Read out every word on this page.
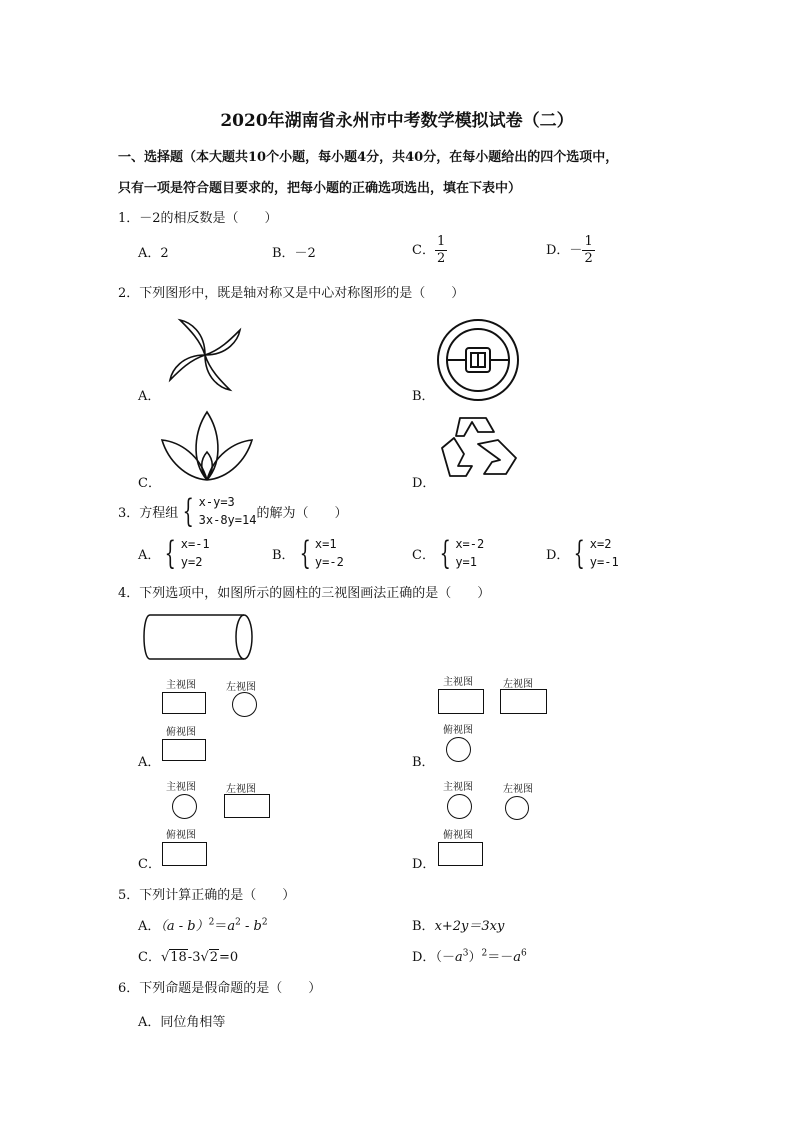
2020年湖南省永州市中考数学模拟试卷（二）
一、选择题（本大题共10个小题，每小题4分，共40分，在每小题给出的四个选项中，
只有一项是符合题目要求的，把每小题的正确选项选出，填在下表中）
1．－2的相反数是（　　）
A．2	B．－2	C． $\frac{1}{2}$	D．－ $\frac{1}{2}$
2．下列图形中，既是轴对称又是中心对称图形的是（　　）
A．	B．
C．	D．
3．方程组 { x-y=3
3x-8y=14 的解为（　　）
A． { x=-1
y=2	B． { x=1
y=-2	C． { x=-2
y=1	D． { x=2
y=-1
4．下列选项中，如图所示的圆柱的三视图画法正确的是（　　）
主视图	左视图
俯视图
A．
主视图	左视图
俯视图
B．
主视图	左视图
俯视图
C．
主视图	左视图
俯视图
D．
5．下列计算正确的是（　　）
A．$(a - b)^2=a^2 - b^2$	B．x+2y＝3xy
C．√18-3√2=0	D．$(-a^3)^2=-a^6$
6．下列命题是假命题的是（　　）
A．同位角相等
